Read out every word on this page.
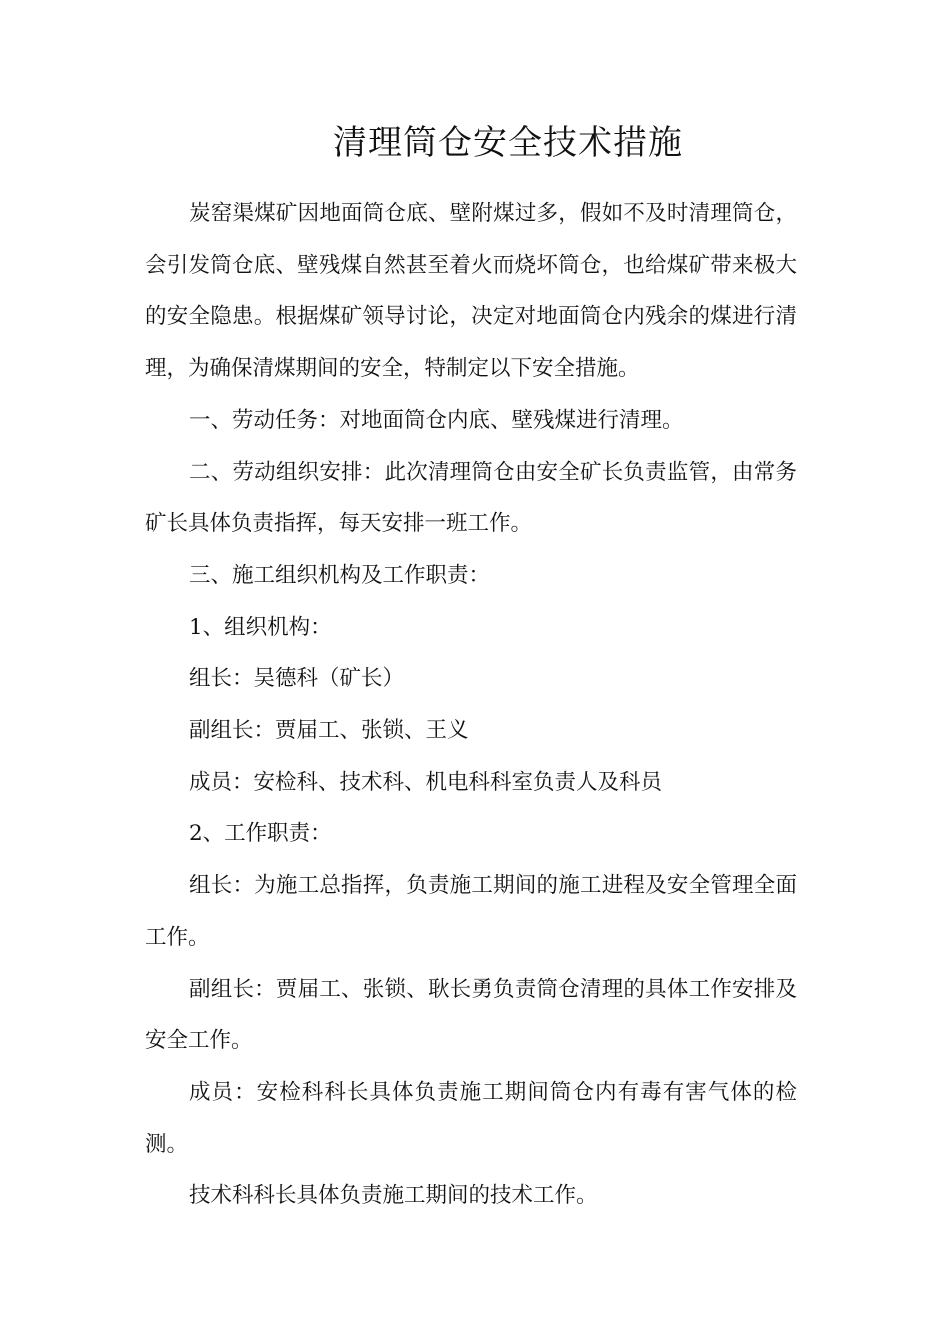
清理筒仓安全技术措施

炭窑渠煤矿因地面筒仓底、壁附煤过多，假如不及时清理筒仓，会引发筒仓底、壁残煤自然甚至着火而烧坏筒仓，也给煤矿带来极大的安全隐患。根据煤矿领导讨论，决定对地面筒仓内残余的煤进行清理，为确保清煤期间的安全，特制定以下安全措施。

一、劳动任务：对地面筒仓内底、壁残煤进行清理。

二、劳动组织安排：此次清理筒仓由安全矿长负责监管，由常务矿长具体负责指挥，每天安排一班工作。

三、施工组织机构及工作职责：

1、组织机构：

组长：吴德科（矿长）

副组长：贾届工、张锁、王义

成员：安检科、技术科、机电科科室负责人及科员

2、工作职责：

组长：为施工总指挥，负责施工期间的施工进程及安全管理全面工作。

副组长：贾届工、张锁、耿长勇负责筒仓清理的具体工作安排及安全工作。

成员：安检科科长具体负责施工期间筒仓内有毒有害气体的检测。

技术科科长具体负责施工期间的技术工作。
